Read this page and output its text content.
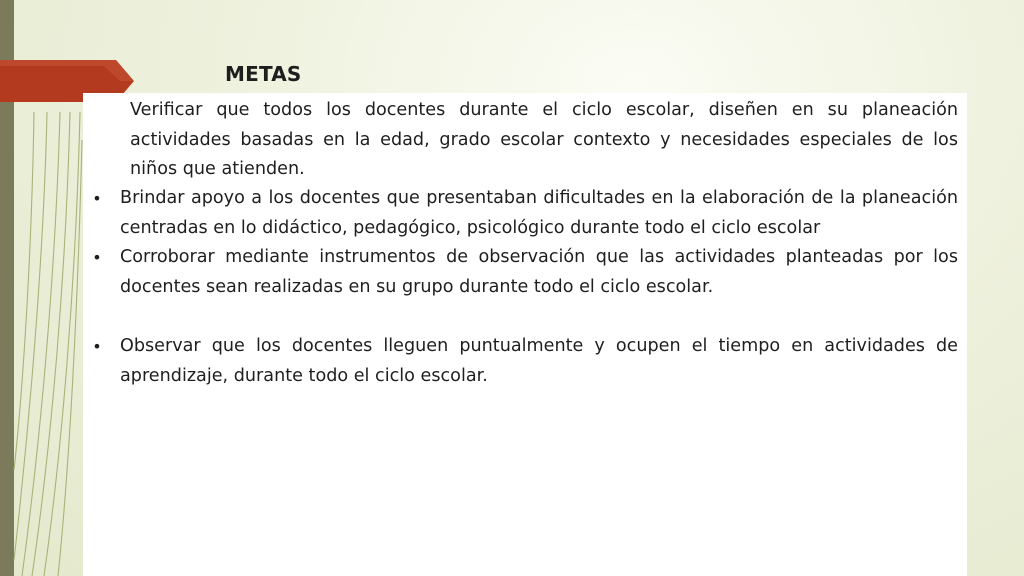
METAS

Verificar que todos los docentes durante el ciclo escolar, diseñen en su planeación actividades basadas en la edad, grado escolar contexto y necesidades especiales de los niños que atienden.

• Brindar apoyo a los docentes que presentaban dificultades en la elaboración de la planeación centradas en lo didáctico, pedagógico, psicológico durante todo el ciclo escolar
• Corroborar mediante instrumentos de observación que las actividades planteadas por los docentes sean realizadas en su grupo durante todo el ciclo escolar.
• Observar que los docentes lleguen puntualmente y ocupen el tiempo en actividades de aprendizaje, durante todo el ciclo escolar.
